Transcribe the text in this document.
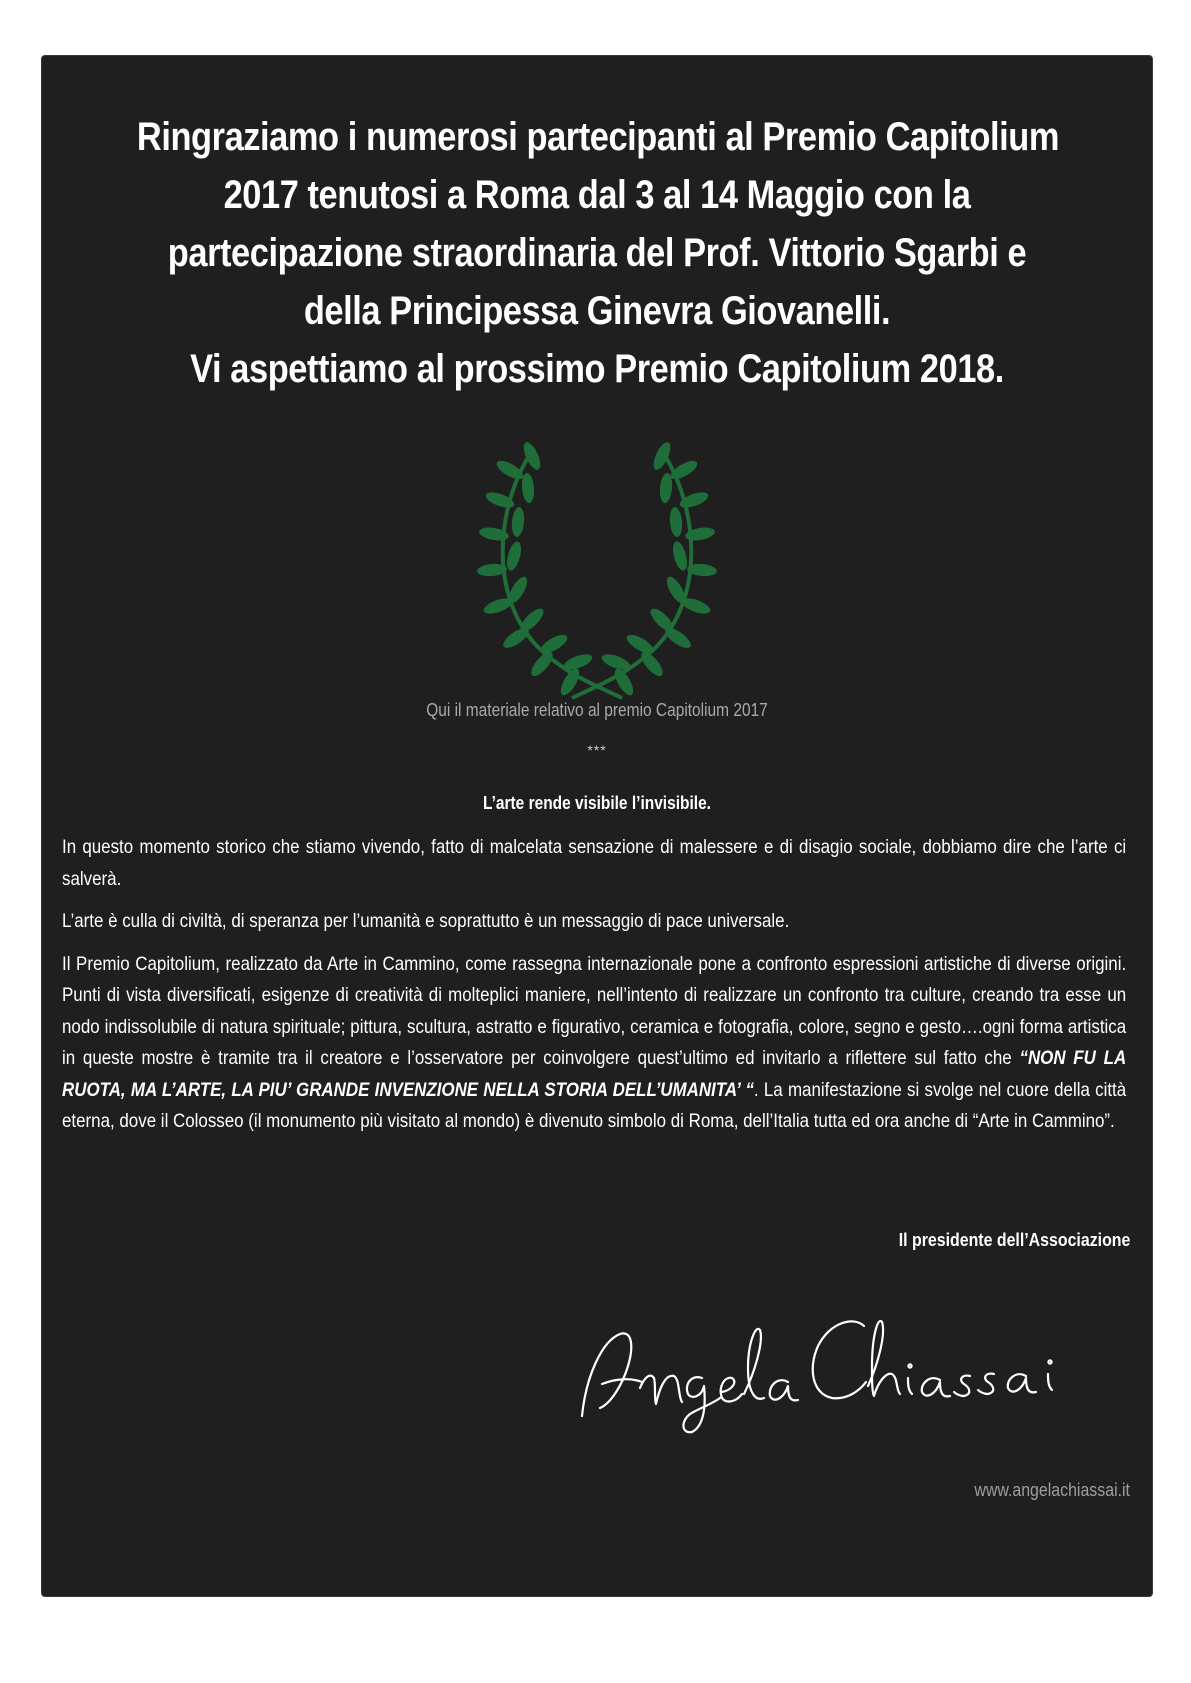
Ringraziamo i numerosi partecipanti al Premio Capitolium
2017 tenutosi a Roma dal 3 al 14 Maggio con la
partecipazione straordinaria del Prof. Vittorio Sgarbi e
della Principessa Ginevra Giovanelli.
Vi aspettiamo al prossimo Premio Capitolium 2018.
Qui il materiale relativo al premio Capitolium 2017
***
L’arte rende visibile l’invisibile.

In questo momento storico che stiamo vivendo, fatto di malcelata sensazione di malessere e di disagio sociale, dobbiamo dire che l’arte ci salverà.

L’arte è culla di civiltà, di speranza per l’umanità e soprattutto è un messaggio di pace universale.

Il Premio Capitolium, realizzato da Arte in Cammino, come rassegna internazionale pone a confronto espressioni artistiche di diverse origini. Punti di vista diversificati, esigenze di creatività di molteplici maniere, nell’intento di realizzare un confronto tra culture, creando tra esse un nodo indissolubile di natura spirituale; pittura, scultura, astratto e figurativo, ceramica e fotografia, colore, segno e gesto….ogni forma artistica in queste mostre è tramite tra il creatore e l’osservatore per coinvolgere quest’ultimo ed invitarlo a riflettere sul fatto che “NON FU LA RUOTA, MA L’ARTE, LA PIU’ GRANDE INVENZIONE NELLA STORIA DELL’UMANITA’ “. La manifestazione si svolge nel cuore della città eterna, dove il Colosseo (il monumento più visitato al mondo) è divenuto simbolo di Roma, dell’Italia tutta ed ora anche di “Arte in Cammino”.

Il presidente dell’Associazione
www.angelachiassai.it
